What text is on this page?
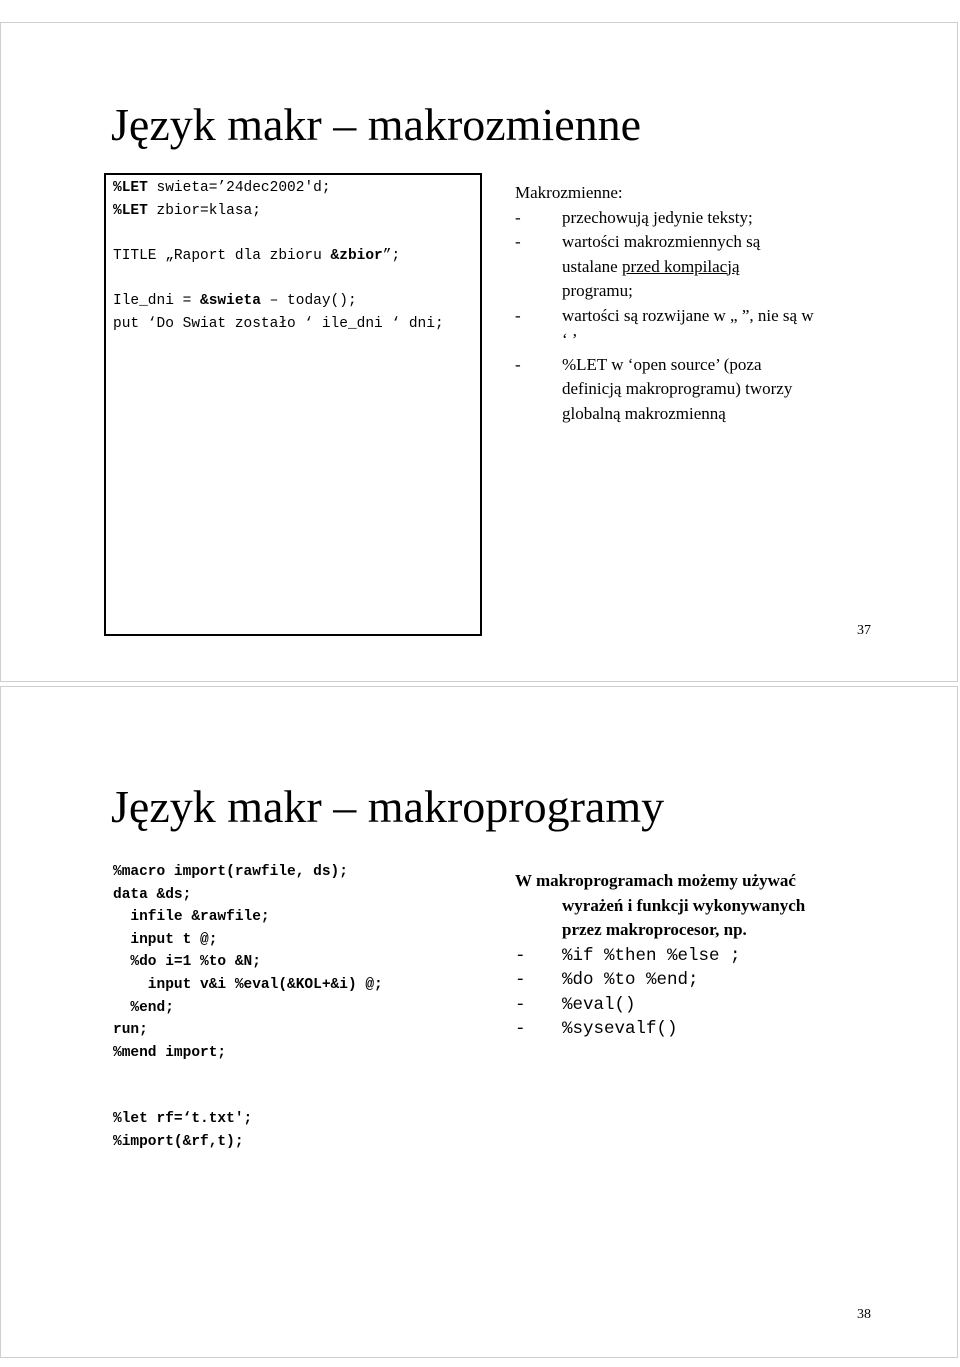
Język makr – makrozmienne
%LET swieta=’24dec2002'd;
%LET zbior=klasa;
TITLE „Raport dla zbioru &zbior”;
Ile_dni = &swieta – today();
put ‘Do Swiat zostało ‘ ile_dni ‘ dni;
Makrozmienne:
- przechowują jedynie teksty;
- wartości makrozmiennych są
ustalane przed kompilacją
programu;
- wartości są rozwijane w „ ”, nie są w
‘ ’
- %LET w ‘open source’ (poza
definicją makroprogramu) tworzy
globalną makrozmienną
37
Język makr – makroprogramy
%macro import(rawfile, ds);
data &ds;
infile &rawfile;
input t @;
%do i=1 %to &N;
input v&i %eval(&KOL+&i) @;
%end;
run;
%mend import;
W makroprogramach możemy używać
wyrażeń i funkcji wykonywanych
przez makroprocesor, np.
- %if %then %else ;
- %do %to %end;
- %eval()
- %sysevalf()
%let rf=‘t.txt';
%import(&rf,t);
38
